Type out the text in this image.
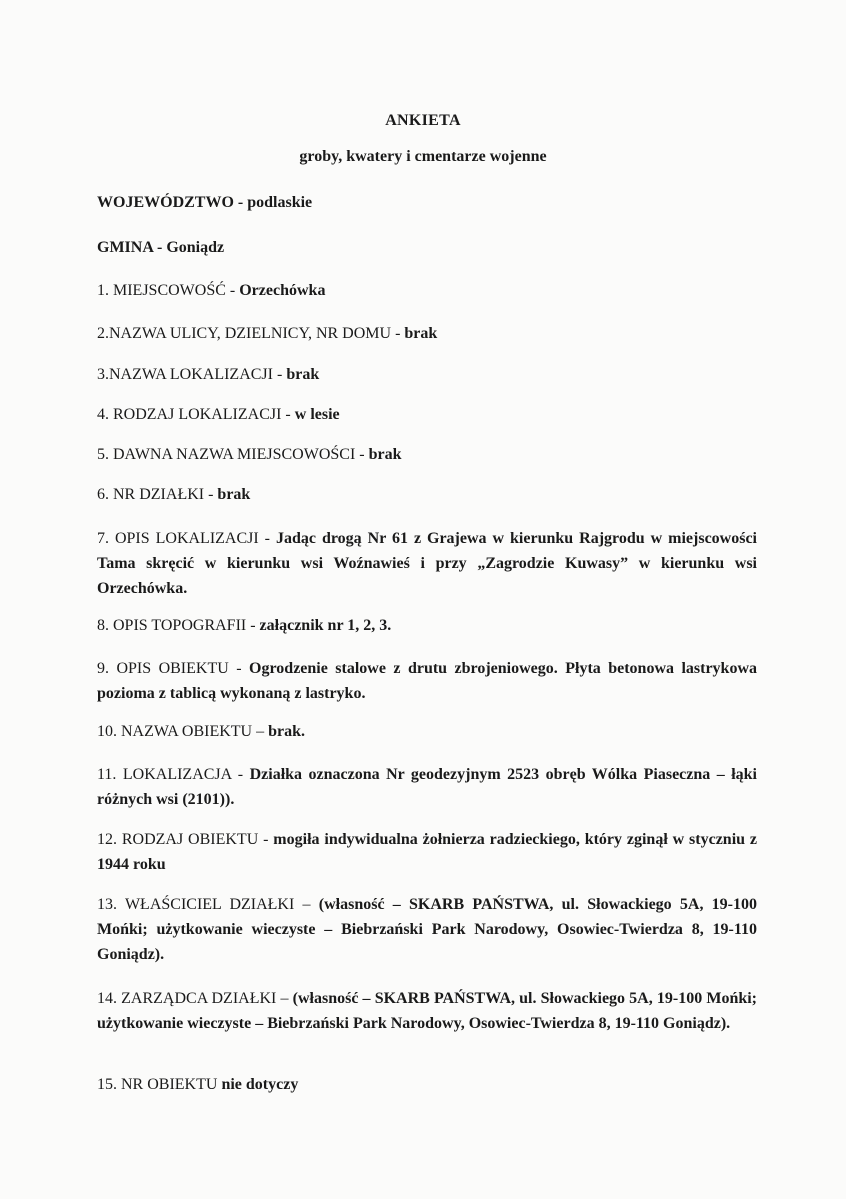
ANKIETA
groby, kwatery i cmentarze wojenne

WOJEWÓDZTWO - podlaskie

GMINA - Goniądz

1. MIEJSCOWOŚĆ - Orzechówka

2.NAZWA ULICY, DZIELNICY, NR DOMU - brak

3.NAZWA LOKALIZACJI - brak

4. RODZAJ LOKALIZACJI - w lesie

5. DAWNA NAZWA MIEJSCOWOŚCI - brak

6. NR DZIAŁKI - brak

7. OPIS LOKALIZACJI - Jadąc drogą Nr 61 z Grajewa w kierunku Rajgrodu w miejscowości Tama skręcić w kierunku wsi Woźnawieś i przy „Zagrodzie Kuwasy” w kierunku wsi Orzechówka.

8. OPIS TOPOGRAFII - załącznik nr 1, 2, 3.

9. OPIS OBIEKTU - Ogrodzenie stalowe z drutu zbrojeniowego. Płyta betonowa lastrykowa pozioma z tablicą wykonaną z lastryko.

10. NAZWA OBIEKTU – brak.

11. LOKALIZACJA - Działka oznaczona Nr geodezyjnym 2523 obręb Wólka Piaseczna – łąki różnych wsi (2101)).

12. RODZAJ OBIEKTU - mogiła indywidualna żołnierza radzieckiego, który zginął w styczniu z 1944 roku

13. WŁAŚCICIEL DZIAŁKI – (własność – SKARB PAŃSTWA, ul. Słowackiego 5A, 19-100 Mońki; użytkowanie wieczyste – Biebrzański Park Narodowy, Osowiec-Twierdza 8, 19-110 Goniądz).

14. ZARZĄDCA DZIAŁKI – (własność – SKARB PAŃSTWA, ul. Słowackiego 5A, 19-100 Mońki; użytkowanie wieczyste – Biebrzański Park Narodowy, Osowiec-Twierdza 8, 19-110 Goniądz).

15. NR OBIEKTU nie dotyczy
